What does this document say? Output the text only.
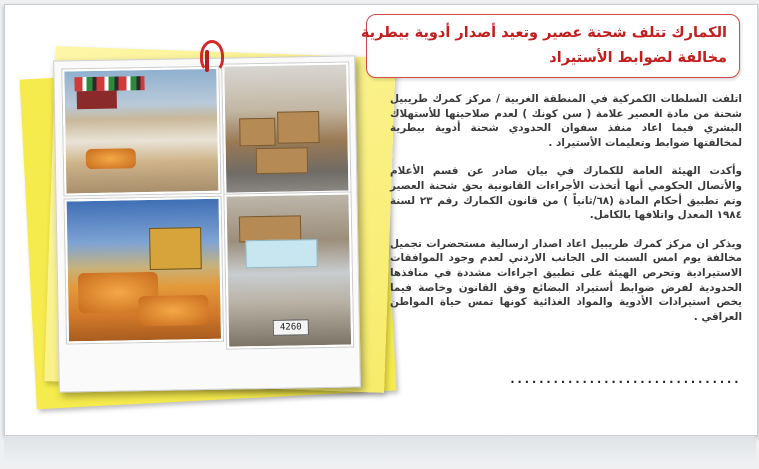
4260
الكمارك تتلف شحنة عصير وتعيد أصدار أدوية بيطرية
مخالفة لضوابط الأستيراد

اتلفت السلطات الكمركية في المنطقة الغربية / مركز كمرك طريبيل شحنة من مادة العصير علامة ( سن كونك ) لعدم صلاحيتها للأستهلاك البشري فيما اعاد منفذ سفوان الحدودي شحنة أدوية بيطرية لمخالفتها ضوابط وتعليمات الأستيراد .

وأكدت الهيئة العامة للكمارك في بيان صادر عن قسم الأعلام والأتصال الحكومي أنها أتخذت الأجراءات القانونية بحق شحنة العصير وتم تطبيق أحكام المادة (٦٨/ثانياً ) من قانون الكمارك رقم ٢٣ لسنة ١٩٨٤ المعدل واتلافها بالكامل.

ويذكر ان مركز كمرك طريبيل اعاد اصدار ارسالية مستحضرات تجميل مخالفة يوم امس السبت الى الجانب الاردني لعدم وجود الموافقات الاستيرادية وتحرص الهيئة على تطبيق اجراءات مشددة في منافذها الحدودية لفرض ضوابط أستيراد البضائع وفق القانون وخاصة فيما يخص استيرادات الأدوية والمواد الغذائية كونها تمس حياة المواطن العراقي .

................................
